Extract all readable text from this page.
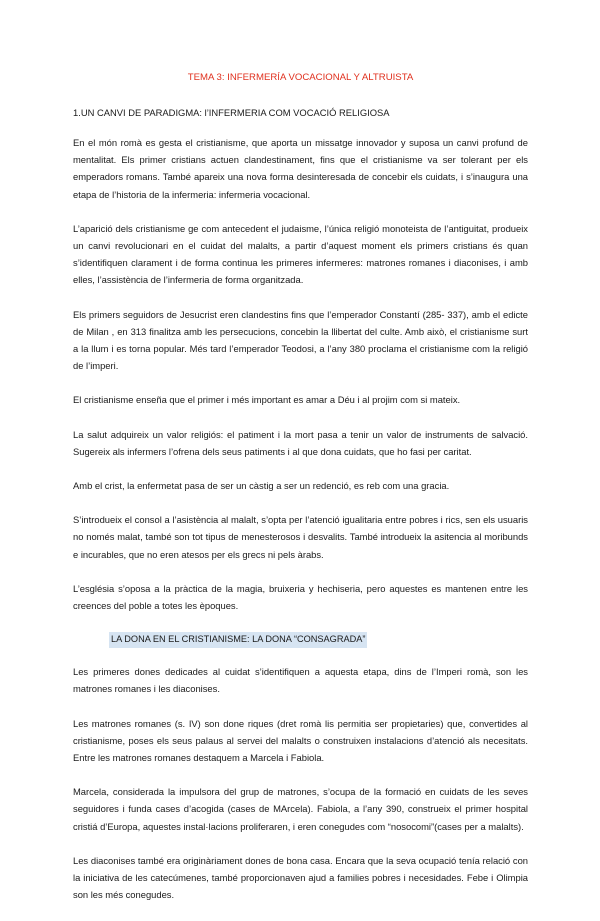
TEMA 3: INFERMERÍA VOCACIONAL Y ALTRUISTA
1.UN CANVI DE PARADIGMA: l’INFERMERIA COM VOCACIÓ RELIGIOSA

En el món romà es gesta el cristianisme, que aporta un missatge innovador y suposa un canvi profund de mentalitat. Els primer cristians actuen clandestinament, fins que el cristianisme va ser tolerant per els emperadors romans. També apareix una nova forma desinteresada de concebir els cuidats, i s’inaugura una etapa de l’historia de la infermeria: infermeria vocacional.

L’aparició dels cristianisme ge com antecedent el judaisme, l’única religió monoteista de l’antiguitat, produeix un canvi revolucionari en el cuidat del malalts, a partir d’aquest moment els primers cristians és quan s’identifiquen clarament i de forma continua les primeres infermeres: matrones romanes i diaconises, i amb elles, l’assistència de l’infermeria de forma organitzada.

Els primers seguidors de Jesucrist eren clandestins fins que l’emperador Constantí (285- 337), amb el edicte de Milan , en 313 finalitza amb les persecucions, concebin la llibertat del culte. Amb això, el cristianisme surt a la llum i es torna popular. Més tard l’emperador Teodosi, a l’any 380 proclama el cristianisme com la religió de l’imperi.

El cristianisme enseña que el primer i més important es amar a Déu i al projim com si mateix.

La salut adquireix un valor religiós: el patiment i la mort pasa a tenir un valor de instruments de salvació. Sugereix als infermers l’ofrena dels seus patiments i al que dona cuidats, que ho fasi per caritat.

Amb el crist, la enfermetat pasa de ser un càstig a ser un redenció, es reb com una gracia.

S’introdueix el consol a l’asistència al malalt, s’opta per l’atenció igualitaria entre pobres i rics, sen els usuaris no només malat, també son tot tipus de menesterosos i desvalits. També introdueix la asitencia al moribunds e incurables, que no eren atesos per els grecs ni pels àrabs.

L’església s’oposa a la pràctica de la magia, bruixeria y hechiseria, pero aquestes es mantenen entre les creences del poble a totes les èpoques.

LA DONA EN EL CRISTIANISME: LA DONA “CONSAGRADA”

Les primeres dones dedicades al cuidat s’identifiquen a aquesta etapa, dins de l’Imperi romà, son les matrones romanes i les diaconises.

Les matrones romanes (s. IV) son done riques (dret romà lis permitia ser propietaries) que, convertides al cristianisme, poses els seus palaus al servei del malalts o construixen instalacions d’atenció als necesitats. Entre les matrones romanes destaquem a Marcela i Fabiola.

Marcela, considerada la impulsora del grup de matrones, s’ocupa de la formació en cuidats de les seves seguidores i funda cases d’acogida (cases de MArcela). Fabiola, a l’any 390, construeix el primer hospital cristiá d’Europa, aquestes instal·lacions proliferaren, i eren conegudes com “nosocomi”(cases per a malalts).

Les diaconises també era originàriament dones de bona casa. Encara que la seva ocupació tenía relació con la iniciativa de les catecúmenes, també proporcionaven ajud a families pobres i necesidades. Febe i Olimpia son les més conegudes.
